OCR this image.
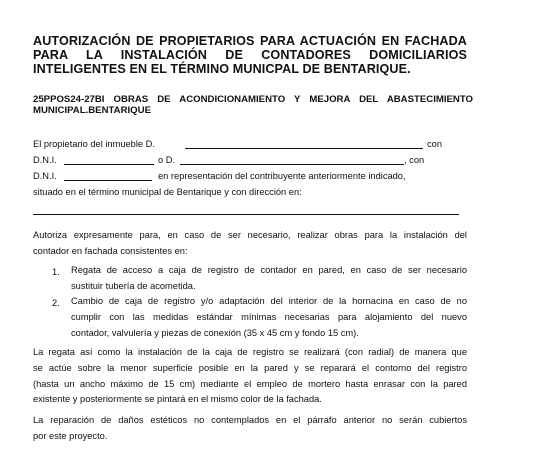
AUTORIZACIÓN DE PROPIETARIOS PARA ACTUACIÓN EN FACHADA
PARA LA INSTALACIÓN DE CONTADORES DOMICILIARIOS
INTELIGENTES EN EL TÉRMINO MUNICPAL DE BENTARIQUE.
25PPOS24-27BI OBRAS DE ACONDICIONAMIENTO Y MEJORA DEL ABASTECIMIENTO
MUNICIPAL.BENTARIQUE
El propietario del inmueble D.	con
D.N.I.	o D.	, con
D.N.I.	en representación del contribuyente anteriormente indicado,
situado en el término municipal de Bentarique y con dirección en:
Autoriza expresamente para, en caso de ser necesario, realizar obras para la instalación del
contador en fachada consistentes en:
1. Regata de acceso a caja de registro de contador en pared, en caso de ser necesario
sustituir tubería de acometida.
2. Cambio de caja de registro y/o adaptación del interior de la hornacina en caso de no
cumplir con las medidas estándar mínimas necesarias para alojamiento del nuevo
contador, valvulería y piezas de conexión (35 x 45 cm y fondo 15 cm).
La regata así como la instalación de la caja de registro se realizará (con radial) de manera que
se actúe sobre la menor superficie posible en la pared y se reparará el contorno del registro
(hasta un ancho máximo de 15 cm) mediante el empleo de mortero hasta enrasar con la pared
existente y posteriormente se pintará en el mismo color de la fachada.
La reparación de daños estéticos no contemplados en el párrafo anterior no serán cubiertos
por este proyecto.
